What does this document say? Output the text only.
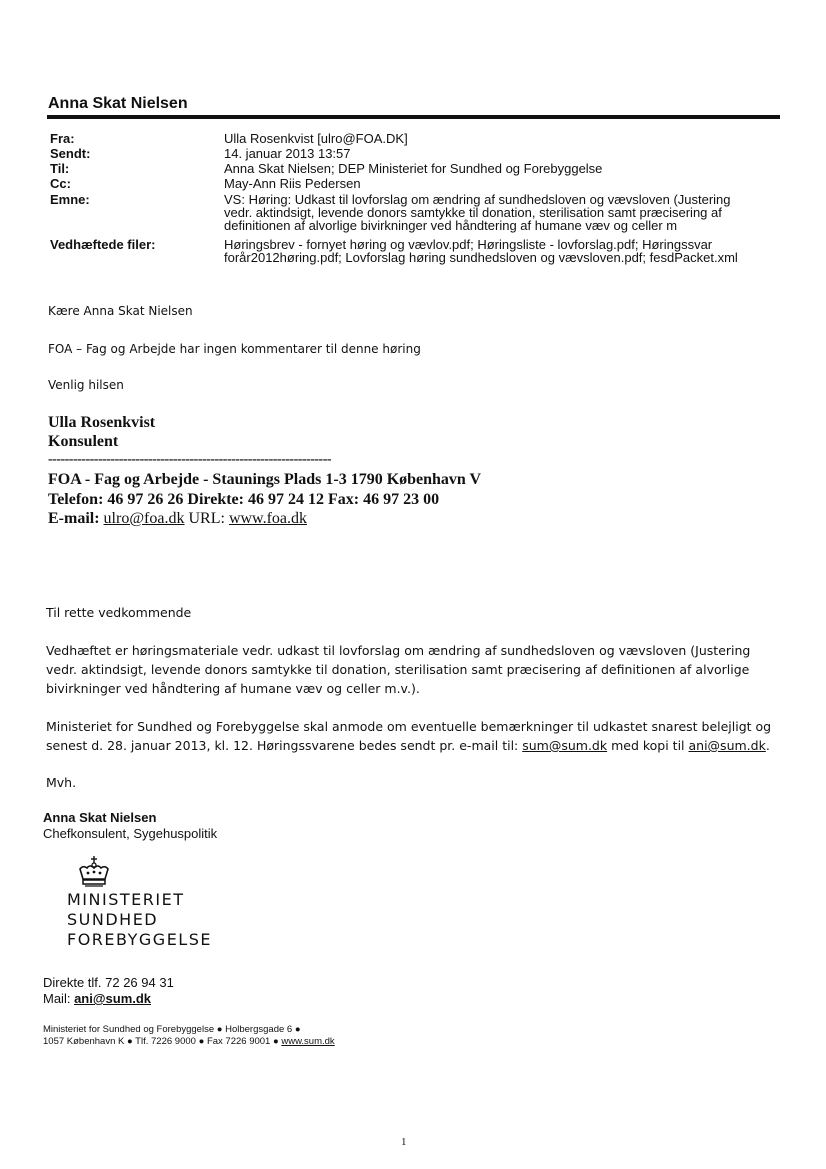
Anna Skat Nielsen
Fra:
Sendt:
Til:
Cc:
Emne:
Vedhæftede filer:
Ulla Rosenkvist [ulro@FOA.DK]
14. januar 2013 13:57
Anna Skat Nielsen; DEP Ministeriet for Sundhed og Forebyggelse
May-Ann Riis Pedersen
VS: Høring: Udkast til lovforslag om ændring af sundhedsloven og vævsloven (Justering
vedr. aktindsigt, levende donors samtykke til donation, sterilisation samt præcisering af
definitionen af alvorlige bivirkninger ved håndtering af humane væv og celler m
Høringsbrev - fornyet høring og vævlov.pdf; Høringsliste - lovforslag.pdf; Høringssvar
forår2012høring.pdf; Lovforslag høring sundhedsloven og vævsloven.pdf; fesdPacket.xml
Kære Anna Skat Nielsen
FOA – Fag og Arbejde har ingen kommentarer til denne høring
Venlig hilsen
Ulla Rosenkvist
Konsulent
--------------------------------------------------------------------
FOA - Fag og Arbejde - Staunings Plads 1-3 1790 København V
Telefon: 46 97 26 26 Direkte: 46 97 24 12 Fax: 46 97 23 00
E-mail: ulro@foa.dk URL: www.foa.dk
Til rette vedkommende
Vedhæftet er høringsmateriale vedr. udkast til lovforslag om ændring af sundhedsloven og vævsloven (Justering
vedr. aktindsigt, levende donors samtykke til donation, sterilisation samt præcisering af definitionen af alvorlige
bivirkninger ved håndtering af humane væv og celler m.v.).
Ministeriet for Sundhed og Forebyggelse skal anmode om eventuelle bemærkninger til udkastet snarest belejligt og
senest d. 28. januar 2013, kl. 12. Høringssvarene bedes sendt pr. e-mail til: sum@sum.dk med kopi til ani@sum.dk.
Mvh.
Anna Skat Nielsen
Chefkonsulent, Sygehuspolitik
MINISTERIET
SUNDHED
FOREBYGGELSE
Direkte tlf. 72 26 94 31
Mail: ani@sum.dk
Ministeriet for Sundhed og Forebyggelse ● Holbergsgade 6 ●
1057 København K ● Tlf. 7226 9000 ● Fax 7226 9001 ● www.sum.dk
1
